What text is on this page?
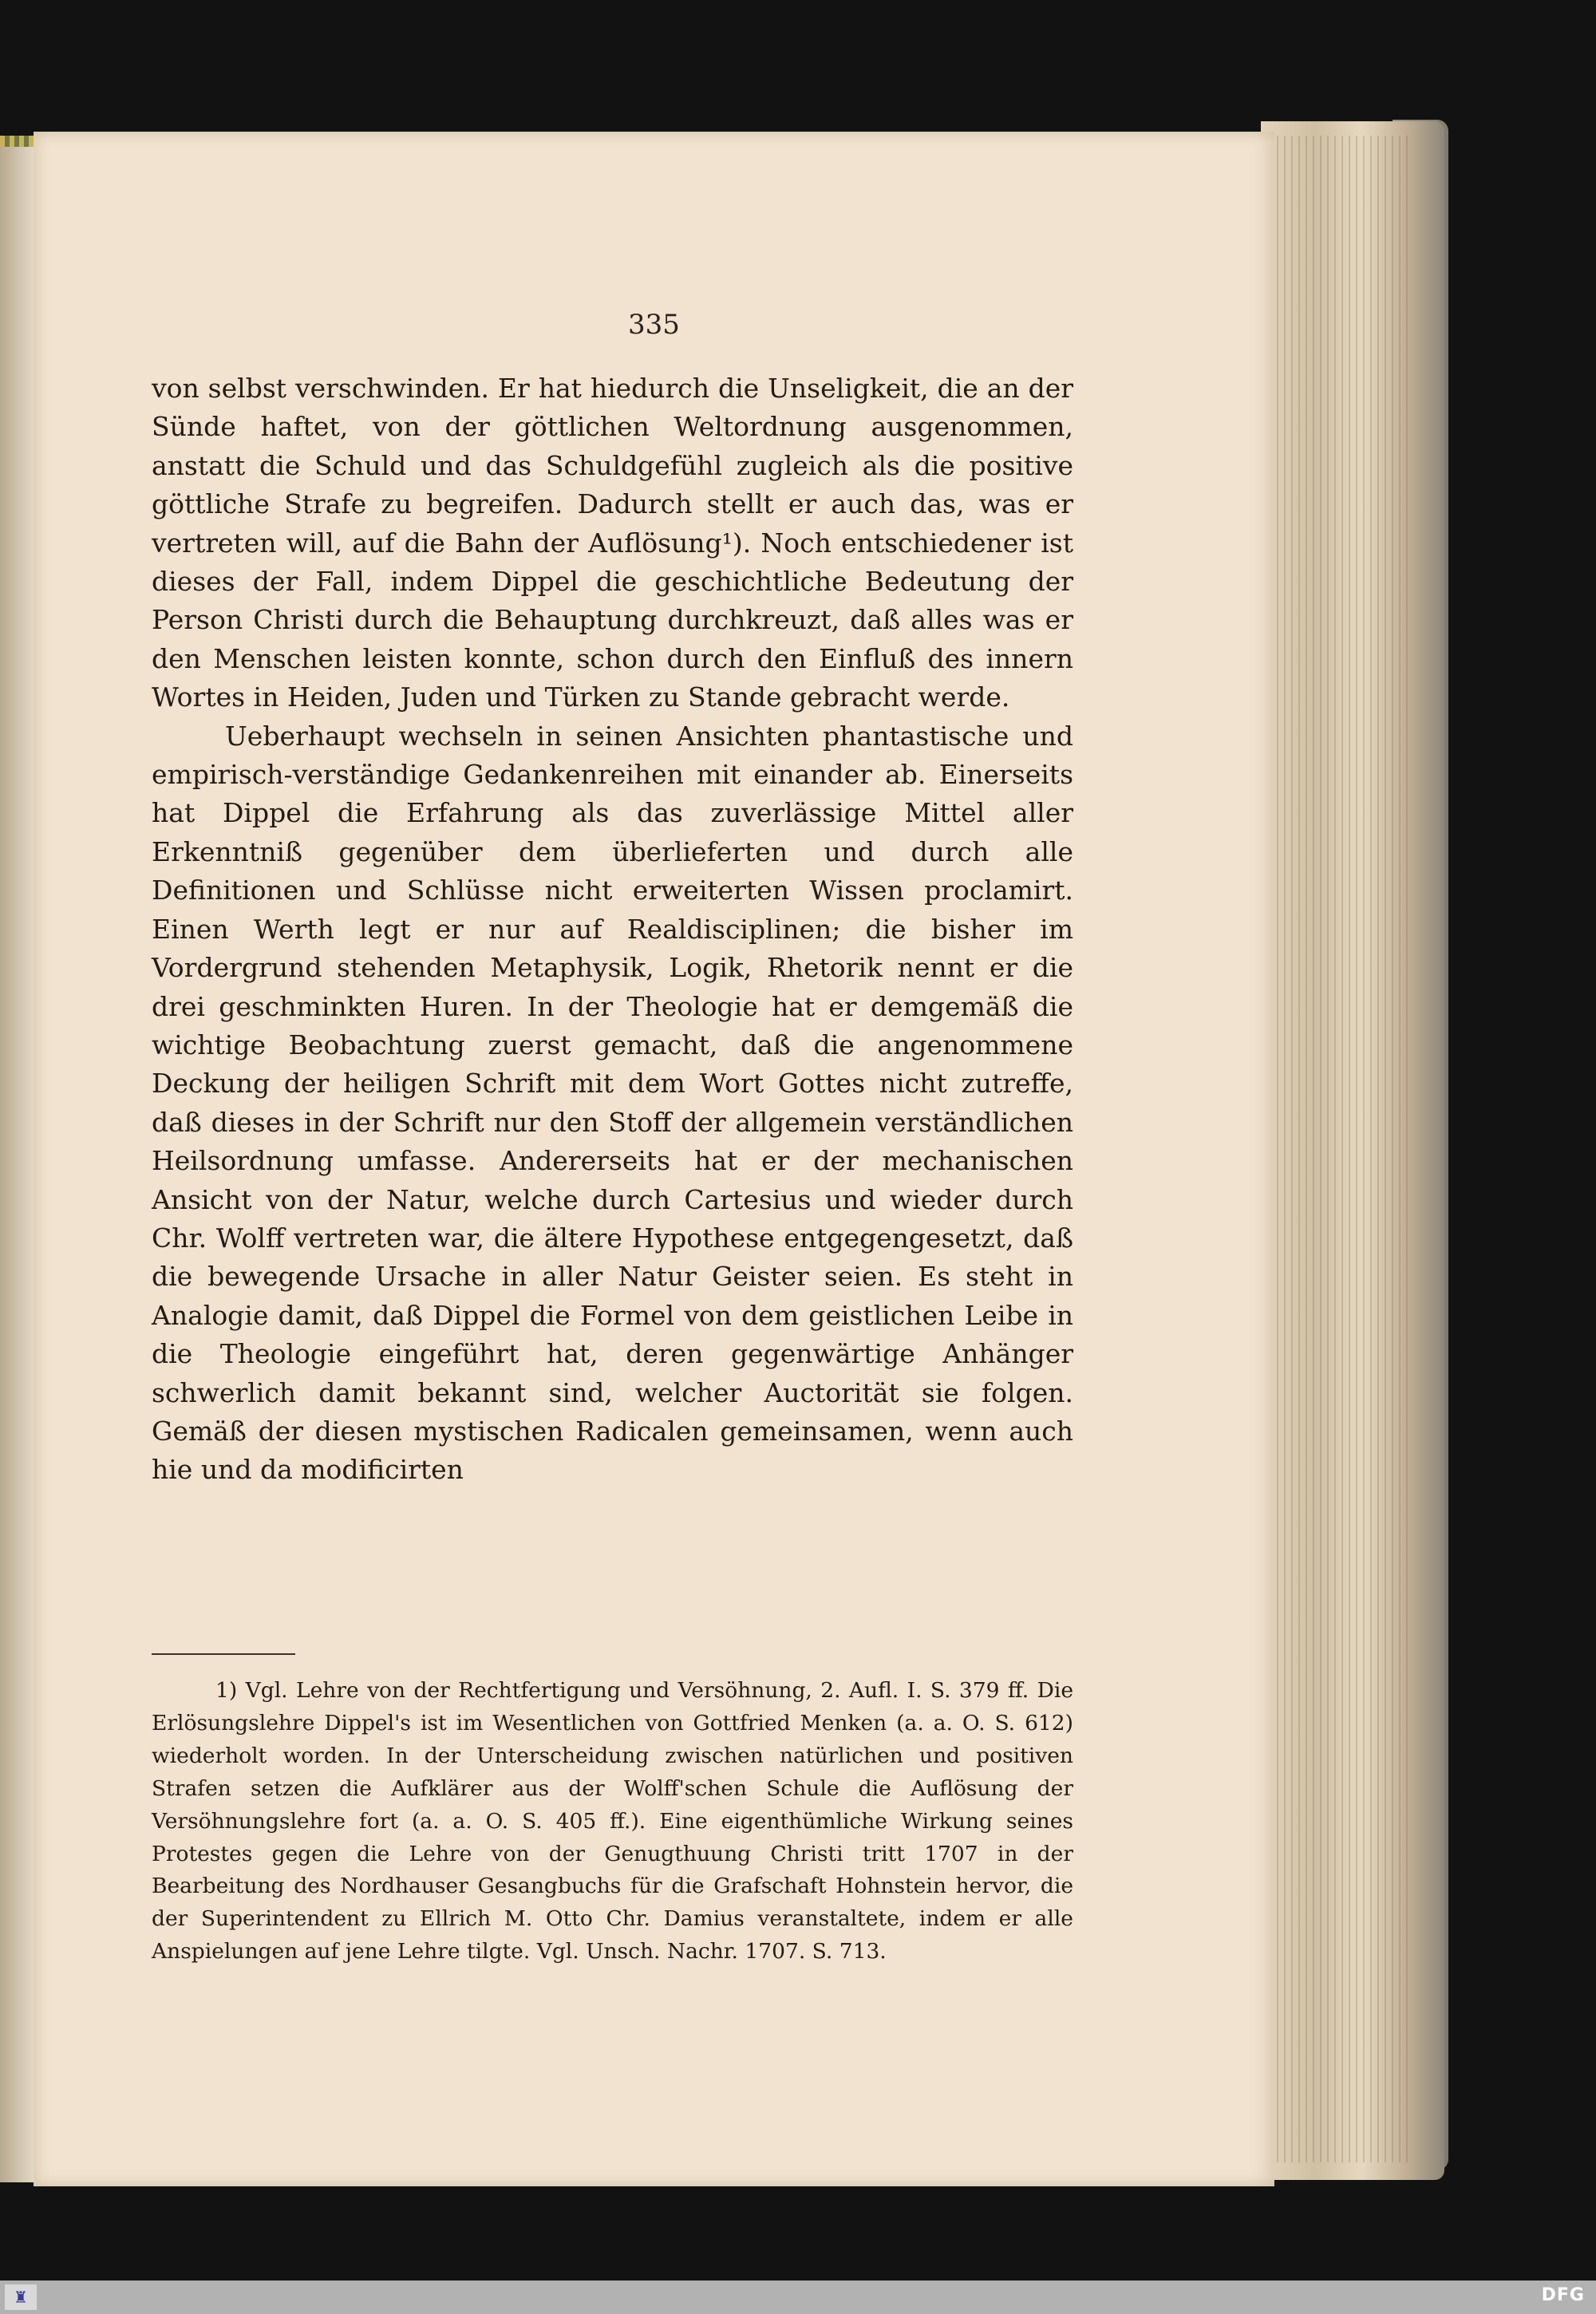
335

von selbst verschwinden. Er hat hiedurch die Unseligkeit, die an der Sünde haftet, von der göttlichen Weltordnung ausgenommen, anstatt die Schuld und das Schuldgefühl zugleich als die positive göttliche Strafe zu begreifen. Dadurch stellt er auch das, was er vertreten will, auf die Bahn der Auflösung¹). Noch entschiedener ist dieses der Fall, indem Dippel die geschichtliche Bedeutung der Person Christi durch die Behauptung durchkreuzt, daß alles was er den Menschen leisten konnte, schon durch den Einfluß des innern Wortes in Heiden, Juden und Türken zu Stande gebracht werde.

Ueberhaupt wechseln in seinen Ansichten phantastische und empirisch-verständige Gedankenreihen mit einander ab. Einerseits hat Dippel die Erfahrung als das zuverlässige Mittel aller Erkenntniß gegenüber dem überlieferten und durch alle Definitionen und Schlüsse nicht erweiterten Wissen proclamirt. Einen Werth legt er nur auf Realdisciplinen; die bisher im Vordergrund stehenden Metaphysik, Logik, Rhetorik nennt er die drei geschminkten Huren. In der Theologie hat er demgemäß die wichtige Beobachtung zuerst gemacht, daß die angenommene Deckung der heiligen Schrift mit dem Wort Gottes nicht zutreffe, daß dieses in der Schrift nur den Stoff der allgemein verständlichen Heilsordnung umfasse. Andererseits hat er der mechanischen Ansicht von der Natur, welche durch Cartesius und wieder durch Chr. Wolff vertreten war, die ältere Hypothese entgegengesetzt, daß die bewegende Ursache in aller Natur Geister seien. Es steht in Analogie damit, daß Dippel die Formel von dem geistlichen Leibe in die Theologie eingeführt hat, deren gegenwärtige Anhänger schwerlich damit bekannt sind, welcher Auctorität sie folgen. Gemäß der diesen mystischen Radicalen gemeinsamen, wenn auch hie und da modificirten

1) Vgl. Lehre von der Rechtfertigung und Versöhnung, 2. Aufl. I. S. 379 ff. Die Erlösungslehre Dippel's ist im Wesentlichen von Gottfried Menken (a. a. O. S. 612) wiederholt worden. In der Unterscheidung zwischen natürlichen und positiven Strafen setzen die Aufklärer aus der Wolff'schen Schule die Auflösung der Versöhnungslehre fort (a. a. O. S. 405 ff.). Eine eigenthümliche Wirkung seines Protestes gegen die Lehre von der Genugthuung Christi tritt 1707 in der Bearbeitung des Nordhauser Gesangbuchs für die Grafschaft Hohnstein hervor, die der Superintendent zu Ellrich M. Otto Chr. Damius veranstaltete, indem er alle Anspielungen auf jene Lehre tilgte. Vgl. Unsch. Nachr. 1707. S. 713.

♜	DFG
